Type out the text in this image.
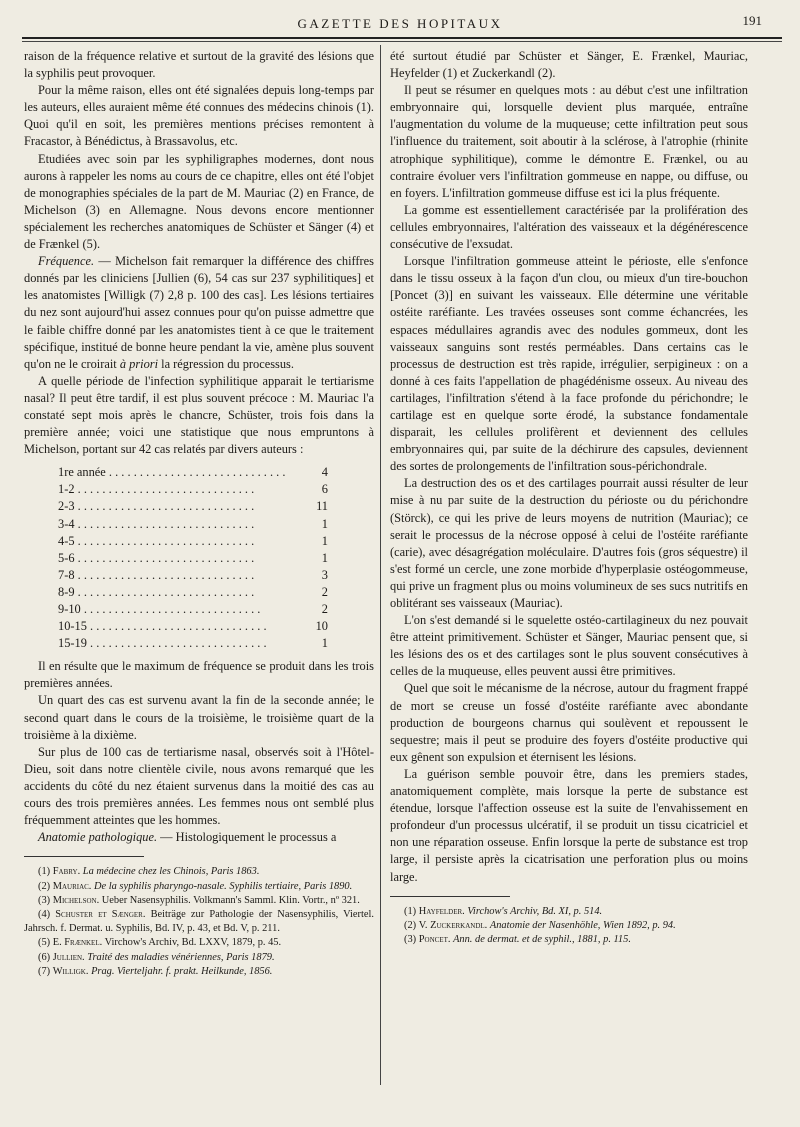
GAZETTE DES HOPITAUX	191

raison de la fréquence relative et surtout de la gravité des lésions que la syphilis peut provoquer.

Pour la même raison, elles ont été signalées depuis long-temps par les auteurs, elles auraient même été connues des médecins chinois (1). Quoi qu'il en soit, les premières mentions précises remontent à Fracastor, à Bénédictus, à Brassavolus, etc.

Etudiées avec soin par les syphiligraphes modernes, dont nous aurons à rappeler les noms au cours de ce chapitre, elles ont été l'objet de monographies spéciales de la part de M. Mauriac (2) en France, de Michelson (3) en Allemagne. Nous devons encore mentionner spécialement les recherches anatomiques de Schüster et Sänger (4) et de Frænkel (5).

Fréquence. — Michelson fait remarquer la différence des chiffres donnés par les cliniciens [Jullien (6), 54 cas sur 237 syphilitiques] et les anatomistes [Willigk (7) 2,8 p. 100 des cas]. Les lésions tertiaires du nez sont aujourd'hui assez connues pour qu'on puisse admettre que le faible chiffre donné par les anatomistes tient à ce que le traitement spécifique, institué de bonne heure pendant la vie, amène plus souvent qu'on ne le croirait à priori la régression du processus.

A quelle période de l'infection syphilitique apparait le tertiarisme nasal? Il peut être tardif, il est plus souvent précoce : M. Mauriac l'a constaté sept mois après le chancre, Schüster, trois fois dans la première année; voici une statistique que nous empruntons à Michelson, portant sur 42 cas relatés par divers auteurs :

1re année . . .	4
1-2 . . .	6
2-3 . . .	11
3-4 . . .	1
4-5 . . .	1
5-6 . . .	1
7-8 . . .	3
8-9 . . .	2
9-10 . . .	2
10-15 . . .	10
15-19 . . .	1

Il en résulte que le maximum de fréquence se produit dans les trois premières années.

Un quart des cas est survenu avant la fin de la seconde année; le second quart dans le cours de la troisième, le troisième quart de la troisième à la dixième.

Sur plus de 100 cas de tertiarisme nasal, observés soit à l'Hôtel-Dieu, soit dans notre clientèle civile, nous avons remarqué que les accidents du côté du nez étaient survenus dans la moitié des cas au cours des trois premières années. Les femmes nous ont semblé plus fréquemment atteintes que les hommes.

Anatomie pathologique. — Histologiquement le processus a

(1) Fabry. La médecine chez les Chinois, Paris 1863.

(2) Mauriac. De la syphilis pharyngo-nasale. Syphilis tertiaire, Paris 1890.

(3) Michelson. Ueber Nasensyphilis. Volkmann's Samml. Klin. Vortr., nº 321.

(4) Schuster et Sænger. Beiträge zur Pathologie der Nasensyphilis, Viertel. Jahrsch. f. Dermat. u. Syphilis, Bd. IV, p. 43, et Bd. V, p. 211.

(5) E. Frænkel. Virchow's Archiv, Bd. LXXV, 1879, p. 45.

(6) Jullien. Traité des maladies vénériennes, Paris 1879.

(7) Willigk. Prag. Vierteljahr. f. prakt. Heilkunde, 1856.

été surtout étudié par Schüster et Sänger, E. Frænkel, Mauriac, Heyfelder (1) et Zuckerkandl (2).

Il peut se résumer en quelques mots : au début c'est une infiltration embryonnaire qui, lorsquelle devient plus marquée, entraîne l'augmentation du volume de la muqueuse; cette infiltration peut sous l'influence du traitement, soit aboutir à la sclérose, à l'atrophie (rhinite atrophique syphilitique), comme le démontre E. Frænkel, ou au contraire évoluer vers l'infiltration gommeuse en nappe, ou diffuse, ou en foyers. L'infiltration gommeuse diffuse est ici la plus fréquente.

La gomme est essentiellement caractérisée par la prolifération des cellules embryonnaires, l'altération des vaisseaux et la dégénérescence consécutive de l'exsudat.

Lorsque l'infiltration gommeuse atteint le périoste, elle s'enfonce dans le tissu osseux à la façon d'un clou, ou mieux d'un tire-bouchon [Poncet (3)] en suivant les vaisseaux. Elle détermine une véritable ostéite raréfiante. Les travées osseuses sont comme échancrées, les espaces médullaires agrandis avec des nodules gommeux, dont les vaisseaux sanguins sont restés perméables. Dans certains cas le processus de destruction est très rapide, irrégulier, serpigineux : on a donné à ces faits l'appellation de phagédénisme osseux. Au niveau des cartilages, l'infiltration s'étend à la face profonde du périchondre; le cartilage est en quelque sorte érodé, la substance fondamentale disparait, les cellules prolifèrent et deviennent des cellules embryonnaires qui, par suite de la déchirure des capsules, deviennent des sortes de prolongements de l'infiltration sous-périchondrale.

La destruction des os et des cartilages pourrait aussi résulter de leur mise à nu par suite de la destruction du périoste ou du périchondre (Störck), ce qui les prive de leurs moyens de nutrition (Mauriac); ce serait le processus de la nécrose opposé à celui de l'ostéite raréfiante (carie), avec désagrégation moléculaire. D'autres fois (gros séquestre) il s'est formé un cercle, une zone morbide d'hyperplasie ostéogommeuse, qui prive un fragment plus ou moins volumineux de ses sucs nutritifs en oblitérant ses vaisseaux (Mauriac).

L'on s'est demandé si le squelette ostéo-cartilagineux du nez pouvait être atteint primitivement. Schüster et Sänger, Mauriac pensent que, si les lésions des os et des cartilages sont le plus souvent consécutives à celles de la muqueuse, elles peuvent aussi être primitives.

Quel que soit le mécanisme de la nécrose, autour du fragment frappé de mort se creuse un fossé d'ostéite raréfiante avec abondante production de bourgeons charnus qui soulèvent et repoussent le sequestre; mais il peut se produire des foyers d'ostéite productive qui eux gênent son expulsion et éternisent les lésions.

La guérison semble pouvoir être, dans les premiers stades, anatomiquement complète, mais lorsque la perte de substance est étendue, lorsque l'affection osseuse est la suite de l'envahissement en profondeur d'un processus ulcératif, il se produit un tissu cicatriciel et non une réparation osseuse. Enfin lorsque la perte de substance est trop large, il persiste après la cicatrisation une perforation plus ou moins large.

(1) Hayfelder. Virchow's Archiv, Bd. XI, p. 514.

(2) V. Zuckerkandl. Anatomie der Nasenhöhle, Wien 1892, p. 94.

(3) Poncet. Ann. de dermat. et de syphil., 1881, p. 115.
